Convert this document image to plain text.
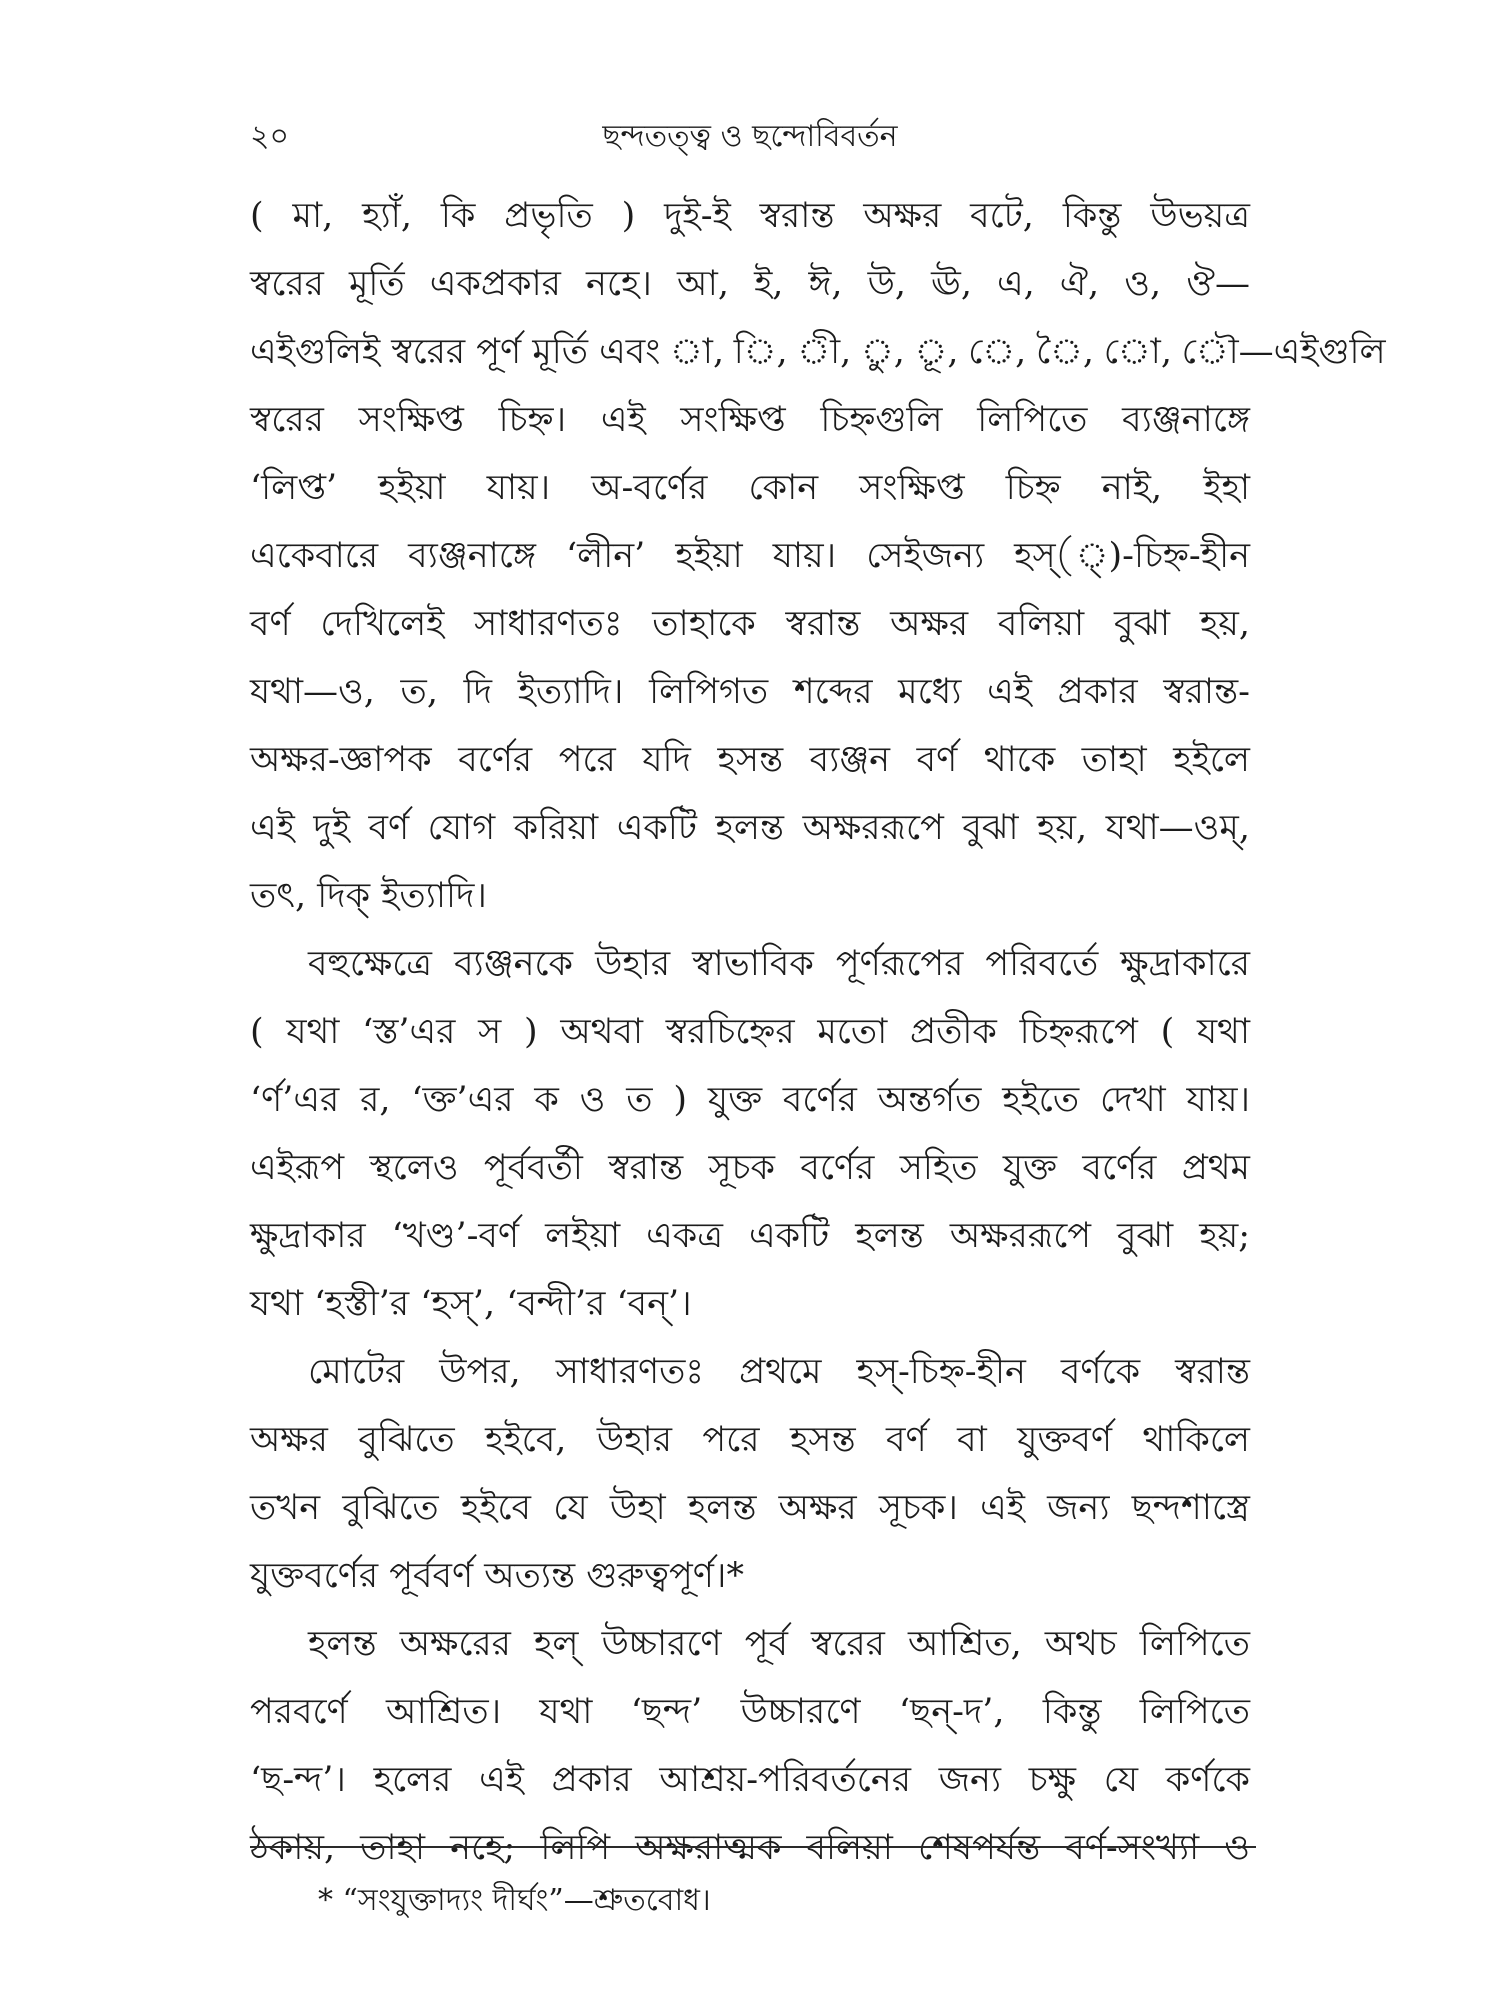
২০	ছন্দতত্ত্ব ও ছন্দোবিবর্তন
( মা, হ্যাঁ, কি প্রভৃতি ) দুই-ই স্বরান্ত অক্ষর বটে, কিন্তু উভয়ত্র
স্বরের মূর্তি একপ্রকার নহে। আ, ই, ঈ, উ, ঊ, এ, ঐ, ও, ঔ—
এইগুলিই স্বরের পূর্ণ মূর্তি এবং া, ি, ী, ু, ূ, ে, ৈ, ো, ৌ—এইগুলি
স্বরের সংক্ষিপ্ত চিহ্ন। এই সংক্ষিপ্ত চিহ্নগুলি লিপিতে ব্যঞ্জনাঙ্গে
‘লিপ্ত’ হইয়া যায়। অ-বর্ণের কোন সংক্ষিপ্ত চিহ্ন নাই, ইহা
একেবারে ব্যঞ্জনাঙ্গে ‘লীন’ হইয়া যায়। সেইজন্য হস্(্)-চিহ্ন-হীন
বর্ণ দেখিলেই সাধারণতঃ তাহাকে স্বরান্ত অক্ষর বলিয়া বুঝা হয়,
যথা—ও, ত, দি ইত্যাদি। লিপিগত শব্দের মধ্যে এই প্রকার স্বরান্ত-
অক্ষর-জ্ঞাপক বর্ণের পরে যদি হসন্ত ব্যঞ্জন বর্ণ থাকে তাহা হইলে
এই দুই বর্ণ যোগ করিয়া একটি হলন্ত অক্ষররূপে বুঝা হয়, যথা—ওম্,
তৎ, দিক্ ইত্যাদি।
বহুক্ষেত্রে ব্যঞ্জনকে উহার স্বাভাবিক পূর্ণরূপের পরিবর্তে ক্ষুদ্রাকারে
( যথা ‘স্ত’এর স ) অথবা স্বরচিহ্নের মতো প্রতীক চিহ্নরূপে ( যথা
‘র্ণ’এর র, ‘ক্ত’এর ক ও ত ) যুক্ত বর্ণের অন্তর্গত হইতে দেখা যায়।
এইরূপ স্থলেও পূর্ববর্তী স্বরান্ত সূচক বর্ণের সহিত যুক্ত বর্ণের প্রথম
ক্ষুদ্রাকার ‘খণ্ড’-বর্ণ লইয়া একত্র একটি হলন্ত অক্ষররূপে বুঝা হয়;
যথা ‘হস্তী’র ‘হস্’, ‘বন্দী’র ‘বন্’।
মোটের উপর, সাধারণতঃ প্রথমে হস্-চিহ্ন-হীন বর্ণকে স্বরান্ত
অক্ষর বুঝিতে হইবে, উহার পরে হসন্ত বর্ণ বা যুক্তবর্ণ থাকিলে
তখন বুঝিতে হইবে যে উহা হলন্ত অক্ষর সূচক। এই জন্য ছন্দশাস্ত্রে
যুক্তবর্ণের পূর্ববর্ণ অত্যন্ত গুরুত্বপূর্ণ।*
হলন্ত অক্ষরের হল্ উচ্চারণে পূর্ব স্বরের আশ্রিত, অথচ লিপিতে
পরবর্ণে আশ্রিত। যথা ‘ছন্দ’ উচ্চারণে ‘ছন্-দ’, কিন্তু লিপিতে
‘ছ-ন্দ’। হলের এই প্রকার আশ্রয়-পরিবর্তনের জন্য চক্ষু যে কর্ণকে
ঠকায়, তাহা নহে; লিপি অক্ষরাত্মক বলিয়া শেষপর্যন্ত বর্ণ-সংখ্যা ও
* “সংযুক্তাদ্যং দীর্ঘং”—শ্রুতবোধ।
